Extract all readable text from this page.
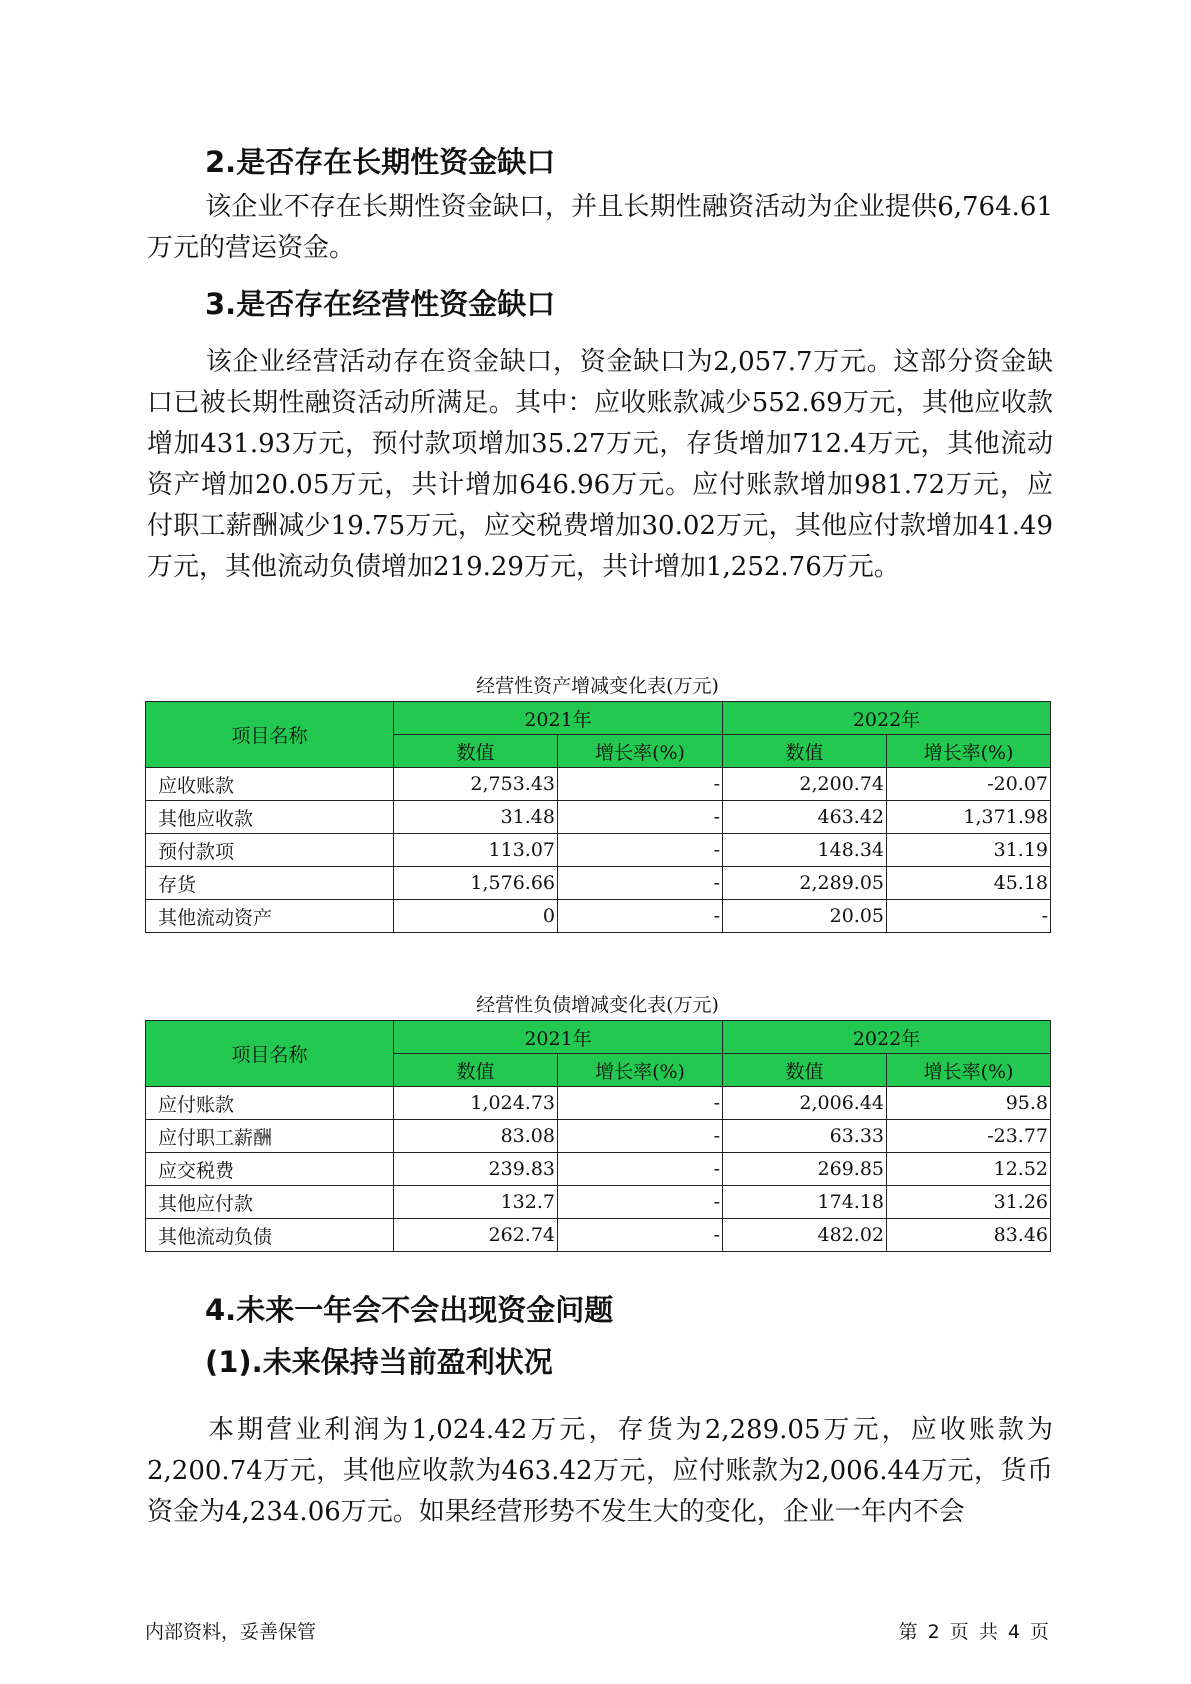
2.是否存在长期性资金缺口
该企业不存在长期性资金缺口，并且长期性融资活动为企业提供6,764.61万元的营运资金。
3.是否存在经营性资金缺口
该企业经营活动存在资金缺口，资金缺口为2,057.7万元。这部分资金缺口已被长期性融资活动所满足。其中：应收账款减少552.69万元，其他应收款增加431.93万元，预付款项增加35.27万元，存货增加712.4万元，其他流动资产增加20.05万元，共计增加646.96万元。应付账款增加981.72万元，应付职工薪酬减少19.75万元，应交税费增加30.02万元，其他应付款增加41.49万元，其他流动负债增加219.29万元，共计增加1,252.76万元。
经营性资产增减变化表(万元)
项目名称	2021年		2022年	
	数值	增长率(%)	数值	增长率(%)
应收账款	2,753.43	-	2,200.74	-20.07
其他应收款	31.48	-	463.42	1,371.98
预付款项	113.07	-	148.34	31.19
存货	1,576.66	-	2,289.05	45.18
其他流动资产	0	-	20.05	-
经营性负债增减变化表(万元)
项目名称	2021年		2022年	
	数值	增长率(%)	数值	增长率(%)
应付账款	1,024.73	-	2,006.44	95.8
应付职工薪酬	83.08	-	63.33	-23.77
应交税费	239.83	-	269.85	12.52
其他应付款	132.7	-	174.18	31.26
其他流动负债	262.74	-	482.02	83.46
4.未来一年会不会出现资金问题
(1).未来保持当前盈利状况
本期营业利润为1,024.42万元，存货为2,289.05万元，应收账款为2,200.74万元，其他应收款为463.42万元，应付账款为2,006.44万元，货币资金为4,234.06万元。如果经营形势不发生大的变化，企业一年内不会
内部资料，妥善保管	第 2 页 共 4 页
